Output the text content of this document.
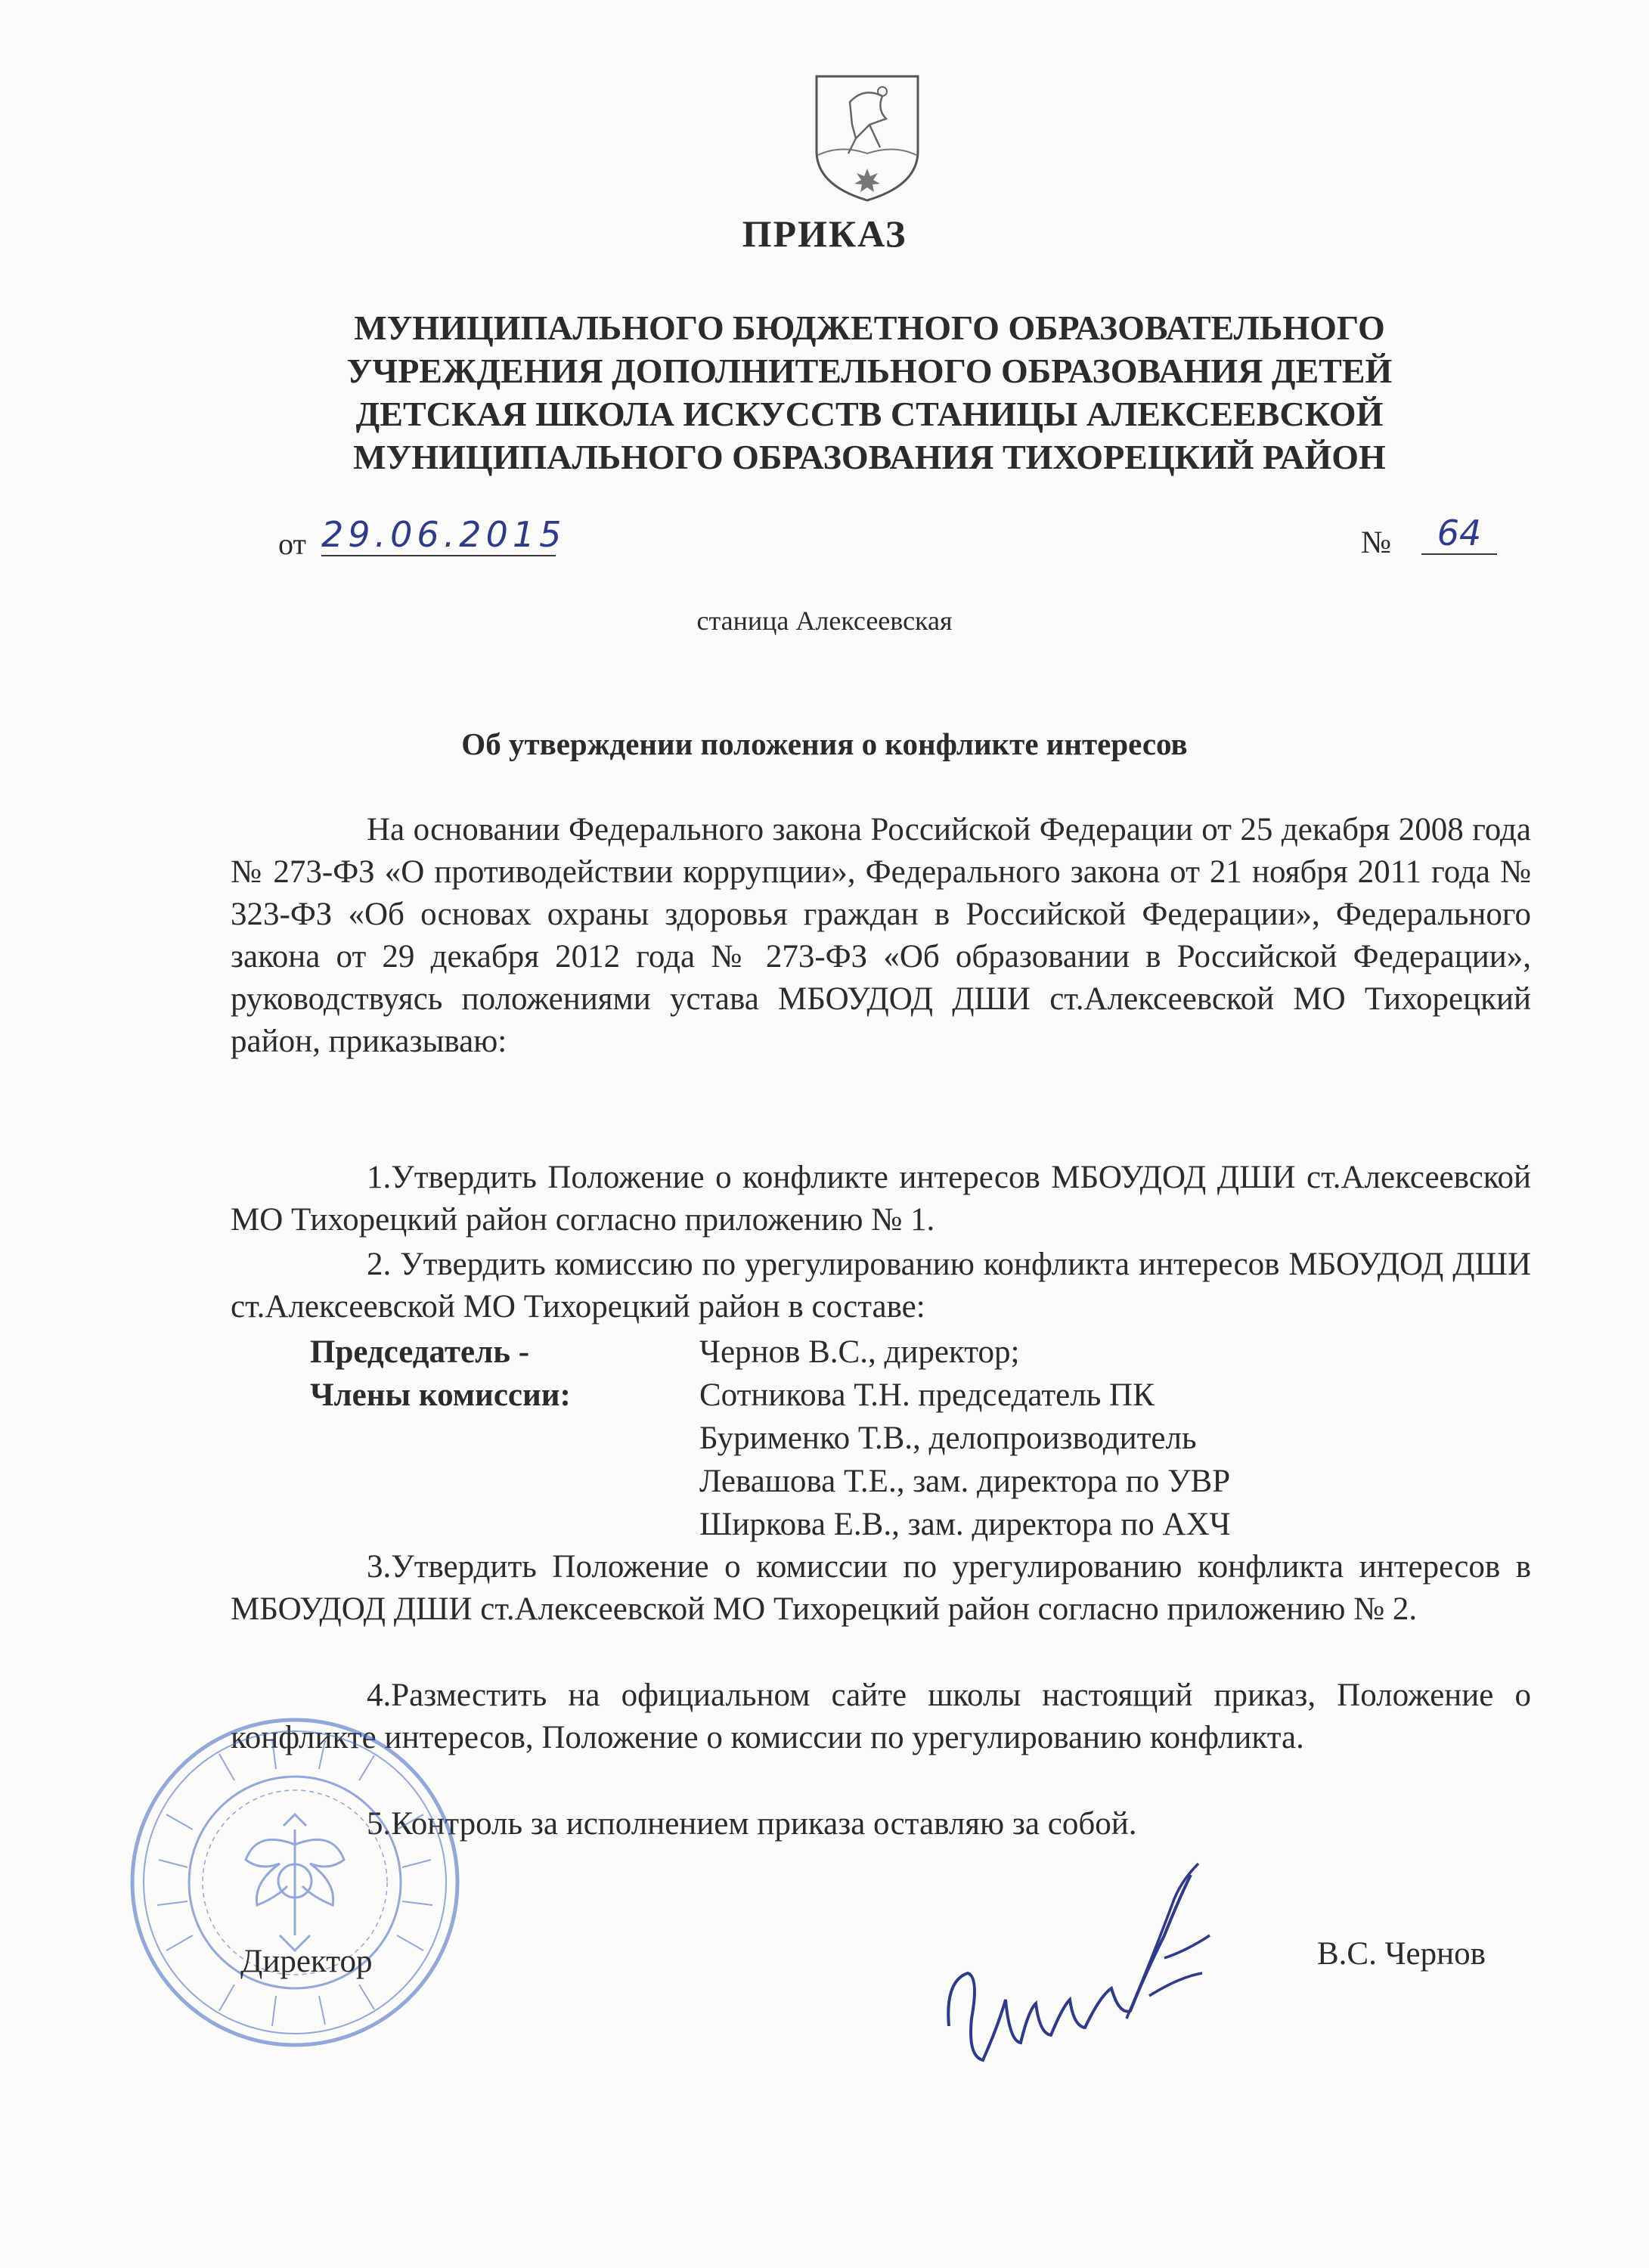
ПРИКАЗ
МУНИЦИПАЛЬНОГО БЮДЖЕТНОГО ОБРАЗОВАТЕЛЬНОГО
УЧРЕЖДЕНИЯ ДОПОЛНИТЕЛЬНОГО ОБРАЗОВАНИЯ ДЕТЕЙ
ДЕТСКАЯ ШКОЛА ИСКУССТВ СТАНИЦЫ АЛЕКСЕЕВСКОЙ
МУНИЦИПАЛЬНОГО ОБРАЗОВАНИЯ ТИХОРЕЦКИЙ РАЙОН
от 29.06.2015	№	64
станица Алексеевская
Об утверждении положения о конфликте интересов
На основании Федерального закона Российской Федерации от 25 декабря 2008 года № 273-ФЗ «О противодействии коррупции», Федерального закона от 21 ноября 2011 года № 323-ФЗ «Об основах охраны здоровья граждан в Российской Федерации», Федерального закона от 29 декабря 2012 года № 273-ФЗ «Об образовании в Российской Федерации», руководствуясь положениями устава МБОУДОД ДШИ ст.Алексеевской МО Тихорецкий район, приказываю:
1.Утвердить Положение о конфликте интересов МБОУДОД ДШИ ст.Алексеевской МО Тихорецкий район согласно приложению № 1.
2. Утвердить комиссию по урегулированию конфликта интересов МБОУДОД ДШИ ст.Алексеевской МО Тихорецкий район в составе:
Председатель -	Чернов В.С., директор;
Члены комиссии:	Сотникова Т.Н. председатель ПК
Бурименко Т.В., делопроизводитель
Левашова Т.Е., зам. директора по УВР
Ширкова Е.В., зам. директора по АХЧ
3.Утвердить Положение о комиссии по урегулированию конфликта интересов в МБОУДОД ДШИ ст.Алексеевской МО Тихорецкий район согласно приложению № 2.
4.Разместить на официальном сайте школы настоящий приказ, Положение о конфликте интересов, Положение о комиссии по урегулированию конфликта.
5.Контроль за исполнением приказа оставляю за собой.
Директор	В.С. Чернов
